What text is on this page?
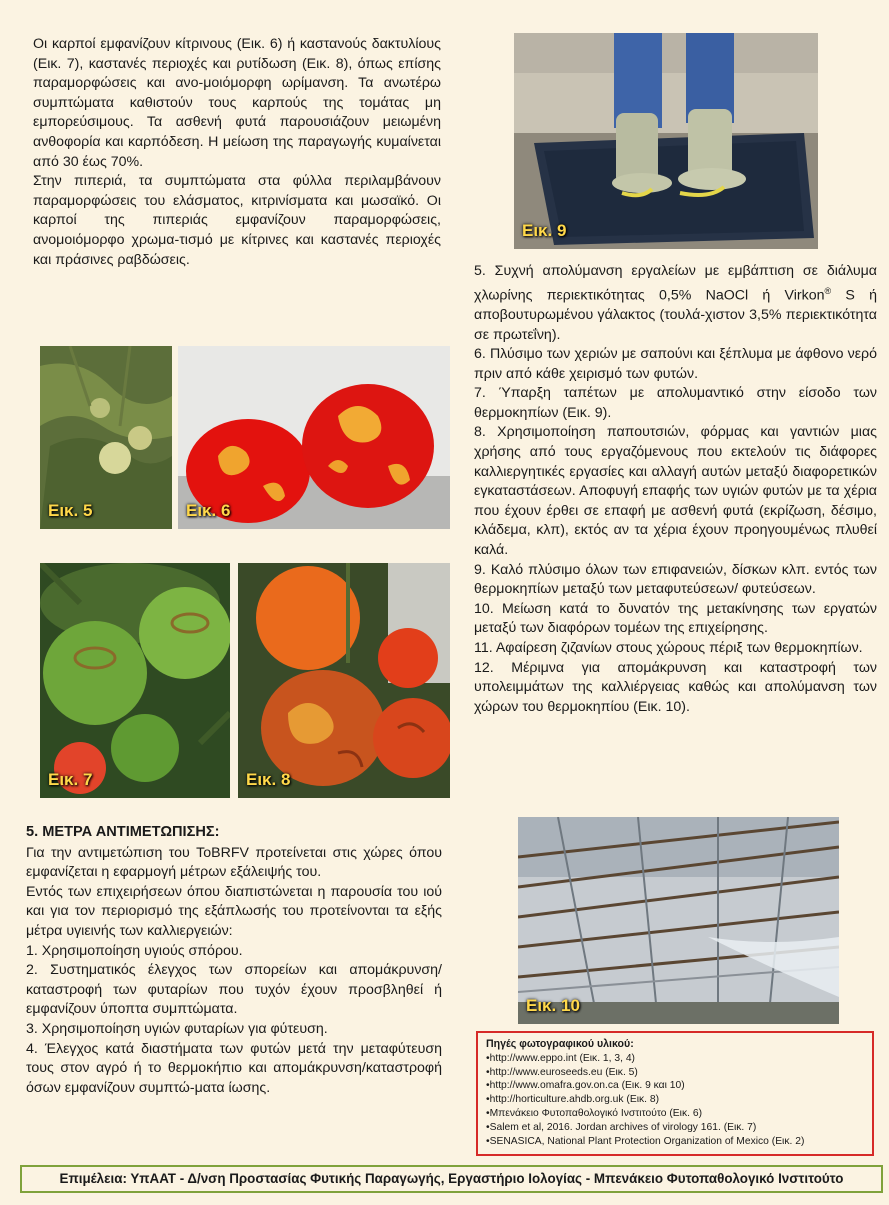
Οι καρποί εμφανίζουν κίτρινους (Εικ. 6) ή καστανούς δακτυλίους (Εικ. 7), καστανές περιοχές και ρυτίδωση (Εικ. 8), όπως επίσης παραμορφώσεις και ανο-μοιόμορφη ωρίμανση. Τα ανωτέρω συμπτώματα καθιστούν τους καρπούς της τομάτας μη εμπορεύσιμους. Τα ασθενή φυτά παρουσιάζουν μειωμένη ανθοφορία και καρπόδεση. Η μείωση της παραγωγής κυμαίνεται από 30 έως 70%.

Στην πιπεριά, τα συμπτώματα στα φύλλα περιλαμβάνουν παραμορφώσεις του ελάσματος, κιτρινίσματα και μωσαϊκό. Οι καρποί της πιπεριάς εμφανίζουν παραμορφώσεις, ανομοιόμορφο χρωμα-τισμό με κίτρινες και καστανές περιοχές και πράσινες ραβδώσεις.

Εικ. 9

5. Συχνή απολύμανση εργαλείων με εμβάπτιση σε διάλυμα χλωρίνης περιεκτικότητας 0,5% NaOCl ή Virkon® S ή αποβουτυρωμένου γάλακτος (τουλά-χιστον 3,5% περιεκτικότητα σε πρωτεΐνη).

6. Πλύσιμο των χεριών με σαπούνι και ξέπλυμα με άφθονο νερό πριν από κάθε χειρισμό των φυτών.

7. Ύπαρξη ταπέτων με απολυμαντικό στην είσοδο των θερμοκηπίων (Εικ. 9).

8. Χρησιμοποίηση παπουτσιών, φόρμας και γαντιών μιας χρήσης από τους εργαζόμενους που εκτελούν τις διάφορες καλλιεργητικές εργασίες και αλλαγή αυτών μεταξύ διαφορετικών εγκαταστάσεων. Αποφυγή επαφής των υγιών φυτών με τα χέρια που έχουν έρθει σε επαφή με ασθενή φυτά (εκρίζωση, δέσιμο, κλάδεμα, κλπ), εκτός αν τα χέρια έχουν προηγουμένως πλυθεί καλά.

9. Καλό πλύσιμο όλων των επιφανειών, δίσκων κλπ. εντός των θερμοκηπίων μεταξύ των μεταφυτεύσεων/ φυτεύσεων.

10. Μείωση κατά το δυνατόν της μετακίνησης των εργατών μεταξύ των διαφόρων τομέων της επιχείρησης.

11. Αφαίρεση ζιζανίων στους χώρους πέριξ των θερμοκηπίων.

12. Μέριμνα για απομάκρυνση και καταστροφή των υπολειμμάτων της καλλιέργειας καθώς και απολύμανση των χώρων του θερμοκηπίου (Εικ. 10).

Εικ. 5	Εικ. 6
Εικ. 7	Εικ. 8
Εικ. 10

5. ΜΕΤΡΑ ΑΝΤΙΜΕΤΩΠΙΣΗΣ:

Για την αντιμετώπιση του ToBRFV προτείνεται στις χώρες όπου εμφανίζεται η εφαρμογή μέτρων εξάλειψής του.

Εντός των επιχειρήσεων όπου διαπιστώνεται η παρουσία του ιού και για τον περιορισμό της εξάπλωσής του προτείνονται τα εξής μέτρα υγιεινής των καλλιεργειών:

1. Χρησιμοποίηση υγιούς σπόρου.

2. Συστηματικός έλεγχος των σπορείων και απομάκρυνση/καταστροφή των φυταρίων που τυχόν έχουν προσβληθεί ή εμφανίζουν ύποπτα συμπτώματα.

3. Χρησιμοποίηση υγιών φυταρίων για φύτευση.

4. Έλεγχος κατά διαστήματα των φυτών μετά την μεταφύτευση τους στον αγρό ή το θερμοκήπιο και απομάκρυνση/καταστροφή όσων εμφανίζουν συμπτώ-ματα ίωσης.

Πηγές φωτογραφικού υλικού:
•http://www.eppo.int (Εικ. 1, 3, 4)
•http://www.euroseeds.eu (Εικ. 5)
•http://www.omafra.gov.on.ca (Εικ. 9 και 10)
•http://horticulture.ahdb.org.uk (Εικ. 8)
•Μπενάκειο Φυτοπαθολογικό Ινστιτούτο (Εικ. 6)
•Salem et al, 2016. Jordan archives of virology 161. (Εικ. 7)
•SENASICA, National Plant Protection Organization of Mexico (Εικ. 2)
Επιμέλεια: ΥπΑΑΤ - Δ/νση Προστασίας Φυτικής Παραγωγής, Εργαστήριο Ιολογίας - Μπενάκειο Φυτοπαθολογικό Ινστιτούτο
